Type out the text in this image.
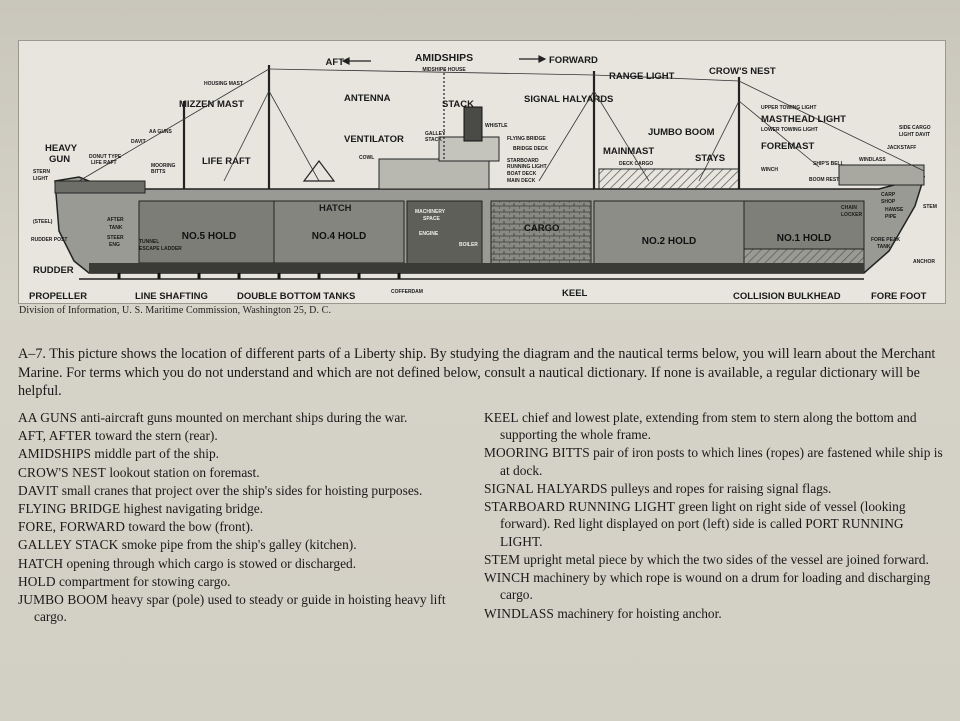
AFT	AMIDSHIPS
MIDSHIPS HOUSE
FORWARD
HOUSING MAST
ANTENNA
RANGE LIGHT	CROW'S NEST
MIZZEN MAST	STACK
WHISTLE
SIGNAL HALYARDS
UPPER TOWING LIGHT
MASTHEAD LIGHT
LOWER TOWING LIGHT
DAVIT
AA GUNS
HEAVY
GUN	DONUT TYPE
LIFE RAFT	MOORING
BITTS
LIFE RAFT
VENTILATOR	GALLEY
STACK	FLYING BRIDGE
BRIDGE DECK
STARBOARD
RUNNING LIGHT
BOAT DECK
MAIN DECK
MAINMAST
JUMBO BOOM
DECK CARGO	STAYS
FOREMAST
WINCH
SHIP'S BELL
BOOM REST
WINDLASS
JACKSTAFF
SIDE CARGO
LIGHT DAVIT
STERN
LIGHT
(STEEL)
RUDDER POST
RUDDER
PROPELLER
AFTER
TANK
STEER
ENG	TUNNEL
ESCAPE LADDER
COWL
HATCH
NO.5 HOLD	NO.4 HOLD
MACHINERY
SPACE
ENGINE
BOILER
CARGO
NO.2 HOLD	NO.1 HOLD
CARP
SHOP
CHAIN
LOCKER
HAWSE
PIPE
STEM
FORE PEAK
TANK
ANCHOR
LINE SHAFTING	DOUBLE BOTTOM TANKS	COFFERDAM	KEEL	COLLISION BULKHEAD	FORE FOOT
Division of Information, U. S. Maritime Commission, Washington 25, D. C.
A–7. This picture shows the location of different parts of a Liberty ship. By studying the diagram and the nautical terms below, you will learn about the Merchant Marine. For terms which you do not understand and which are not defined below, consult a nautical dictionary. If none is available, a regular dictionary will be helpful.

AA GUNS anti-aircraft guns mounted on merchant ships during the war.

AFT, AFTER toward the stern (rear).

AMIDSHIPS middle part of the ship.

CROW'S NEST lookout station on foremast.

DAVIT small cranes that project over the ship's sides for hoisting purposes.

FLYING BRIDGE highest navigating bridge.

FORE, FORWARD toward the bow (front).

GALLEY STACK smoke pipe from the ship's galley (kitchen).

HATCH opening through which cargo is stowed or discharged.

HOLD compartment for stowing cargo.

JUMBO BOOM heavy spar (pole) used to steady or guide in hoisting heavy lift cargo.

KEEL chief and lowest plate, extending from stem to stern along the bottom and supporting the whole frame.

MOORING BITTS pair of iron posts to which lines (ropes) are fastened while ship is at dock.

SIGNAL HALYARDS pulleys and ropes for raising signal flags.

STARBOARD RUNNING LIGHT green light on right side of vessel (looking forward). Red light displayed on port (left) side is called PORT RUNNING LIGHT.

STEM upright metal piece by which the two sides of the vessel are joined forward.

WINCH machinery by which rope is wound on a drum for loading and discharging cargo.

WINDLASS machinery for hoisting anchor.
